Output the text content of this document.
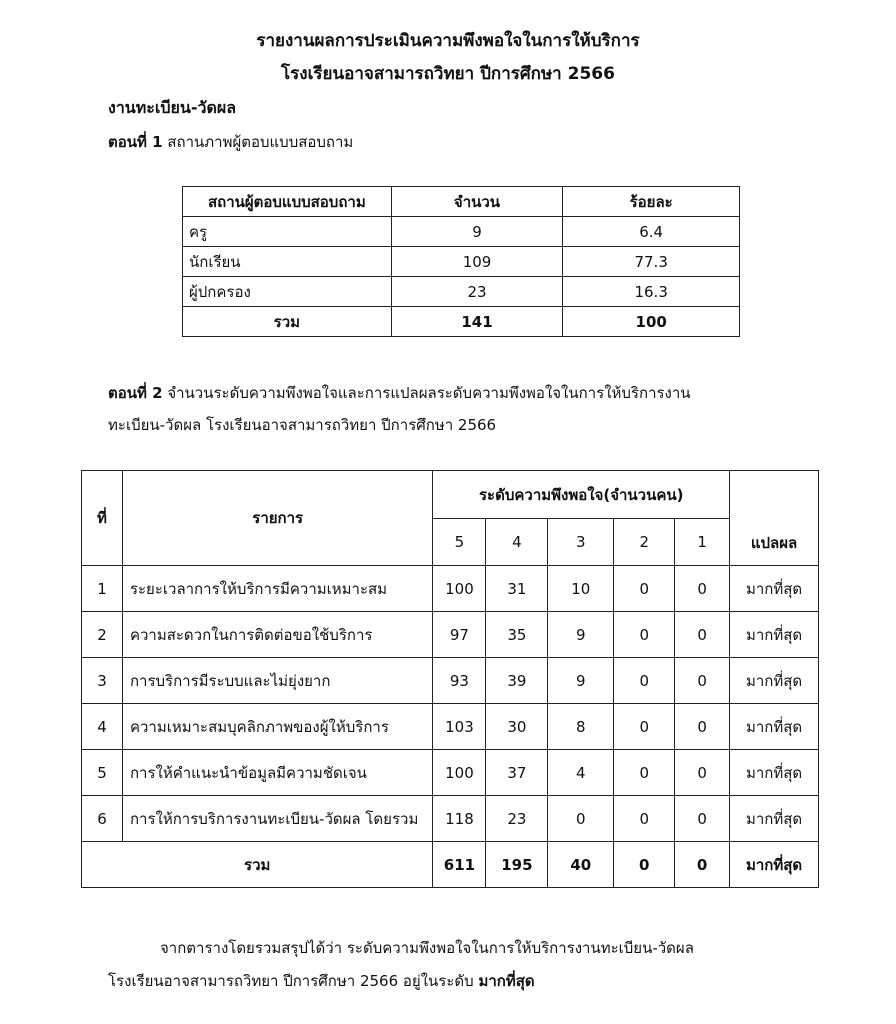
รายงานผลการประเมินความพึงพอใจในการให้บริการ
โรงเรียนอาจสามารถวิทยา ปีการศึกษา 2566
งานทะเบียน-วัดผล
ตอนที่ 1 สถานภาพผู้ตอบแบบสอบถาม
สถานผู้ตอบแบบสอบถาม	จำนวน	ร้อยละ
ครู	9	6.4
นักเรียน	109	77.3
ผู้ปกครอง	23	16.3
รวม	141	100
ตอนที่ 2 จำนวนระดับความพึงพอใจและการแปลผลระดับความพึงพอใจในการให้บริการงาน
ทะเบียน-วัดผล โรงเรียนอาจสามารถวิทยา ปีการศึกษา 2566
ที่	รายการ	ระดับความพึงพอใจ(จำนวนคน)					แปลผล
		5	4	3	2	1	
1	ระยะเวลาการให้บริการมีความเหมาะสม	100	31	10	0	0	มากที่สุด
2	ความสะดวกในการติดต่อขอใช้บริการ	97	35	9	0	0	มากที่สุด
3	การบริการมีระบบและไม่ยุ่งยาก	93	39	9	0	0	มากที่สุด
4	ความเหมาะสมบุคลิกภาพของผู้ให้บริการ	103	30	8	0	0	มากที่สุด
5	การให้คำแนะนำข้อมูลมีความชัดเจน	100	37	4	0	0	มากที่สุด
6	การให้การบริการงานทะเบียน-วัดผล โดยรวม	118	23	0	0	0	มากที่สุด
รวม		611	195	40	0	0	มากที่สุด
จากตารางโดยรวมสรุปได้ว่า ระดับความพึงพอใจในการให้บริการงานทะเบียน-วัดผล
โรงเรียนอาจสามารถวิทยา ปีการศึกษา 2566 อยู่ในระดับ มากที่สุด
